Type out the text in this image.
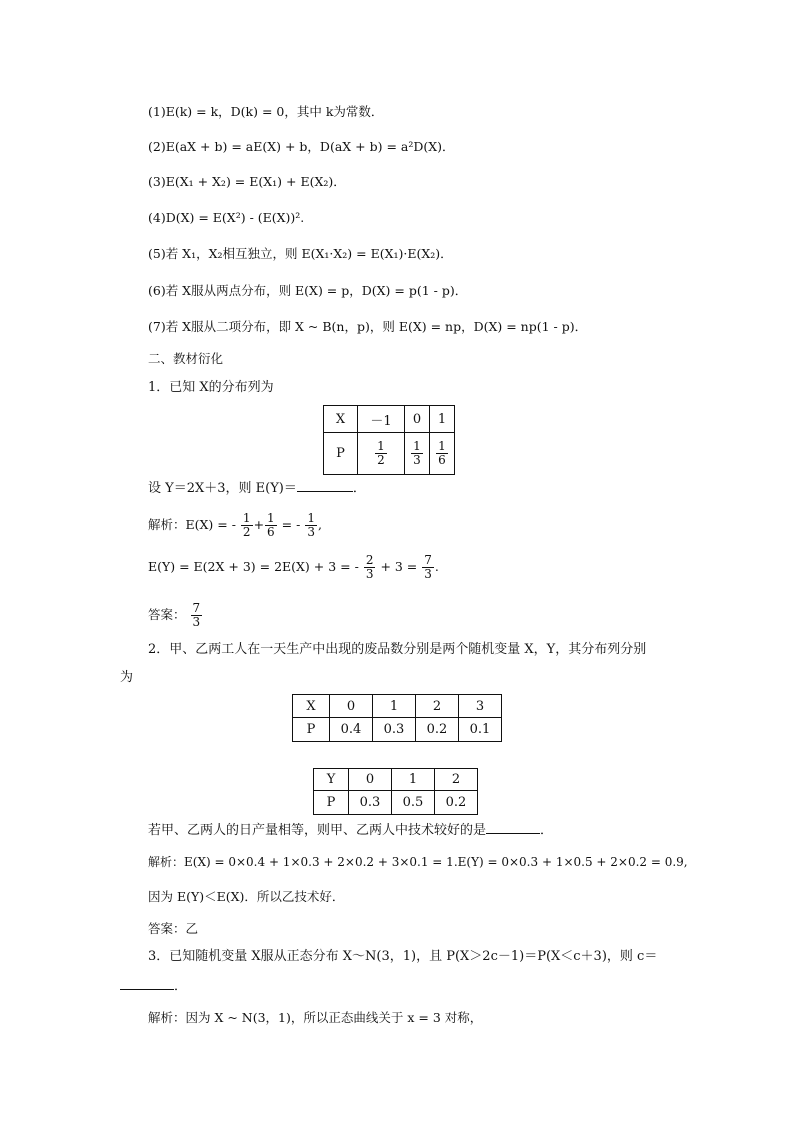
(1)E(k) = k，D(k) = 0，其中 k为常数．
(2)E(aX + b) = aE(X) + b，D(aX + b) = a²D(X)．
(3)E(X₁ + X₂) = E(X₁) + E(X₂)．
(4)D(X) = E(X²) - (E(X))².
(5)若 X₁，X₂相互独立，则 E(X₁·X₂) = E(X₁)·E(X₂)．
(6)若 X服从两点分布，则 E(X) = p，D(X) = p(1 - p)．
(7)若 X服从二项分布，即 X ~ B(n，p)，则 E(X) = np，D(X) = np(1 - p)．
二、教材衍化
1．已知 X的分布列为
X	－1	0	1
P	$\frac{1}{2}$	$\frac{1}{3}$	$\frac{1}{6}$
设 Y＝2X＋3，则 E(Y)＝	．
解析：E(X) = - $\frac{1}{2} + \frac{1}{6}$ = - $\frac{1}{3}$ ,
E(Y) = E(2X + 3) = 2E(X) + 3 = - $\frac{2}{3} + 3 = \frac{7}{3}$ .
答案： $\frac{7}{3}$
2．甲、乙两工人在一天生产中出现的废品数分别是两个随机变量 X，Y，其分布列分别
为
X	0	1	2	3
P	0.4	0.3	0.2	0.1
Y	0	1	2
P	0.3	0.5	0.2
若甲、乙两人的日产量相等，则甲、乙两人中技术较好的是	．
解析：E(X) = 0×0.4 + 1×0.3 + 2×0.2 + 3×0.1 = 1.E(Y) = 0×0.3 + 1×0.5 + 2×0.2 = 0.9,
因为 E(Y)＜E(X)．所以乙技术好．
答案：乙
3．已知随机变量 X服从正态分布 X～N(3，1)，且 P(X＞2c－1)＝P(X＜c＋3)，则 c＝
．
解析：因为 X ~ N(3，1)，所以正态曲线关于 x = 3 对称，
